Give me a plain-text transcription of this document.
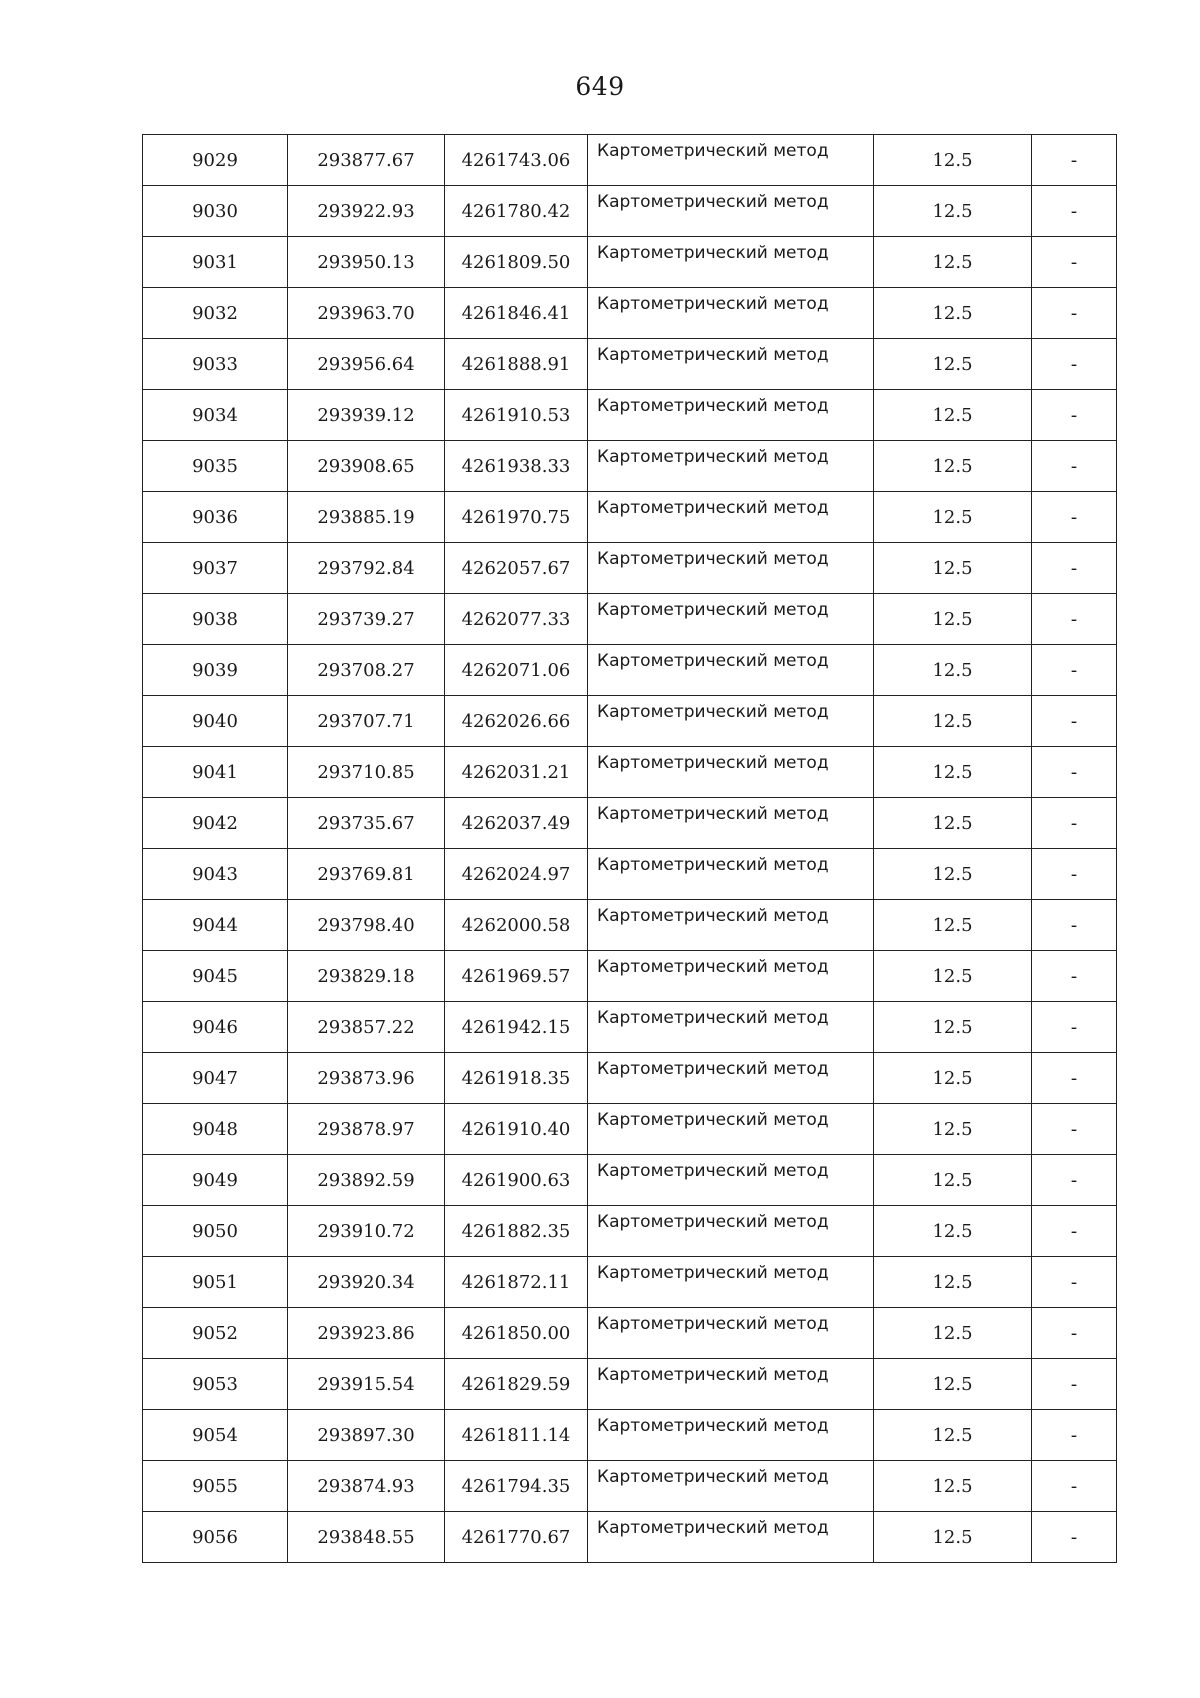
649
9029	293877.67	4261743.06	Картометрический метод	12.5	-
9030	293922.93	4261780.42	Картометрический метод	12.5	-
9031	293950.13	4261809.50	Картометрический метод	12.5	-
9032	293963.70	4261846.41	Картометрический метод	12.5	-
9033	293956.64	4261888.91	Картометрический метод	12.5	-
9034	293939.12	4261910.53	Картометрический метод	12.5	-
9035	293908.65	4261938.33	Картометрический метод	12.5	-
9036	293885.19	4261970.75	Картометрический метод	12.5	-
9037	293792.84	4262057.67	Картометрический метод	12.5	-
9038	293739.27	4262077.33	Картометрический метод	12.5	-
9039	293708.27	4262071.06	Картометрический метод	12.5	-
9040	293707.71	4262026.66	Картометрический метод	12.5	-
9041	293710.85	4262031.21	Картометрический метод	12.5	-
9042	293735.67	4262037.49	Картометрический метод	12.5	-
9043	293769.81	4262024.97	Картометрический метод	12.5	-
9044	293798.40	4262000.58	Картометрический метод	12.5	-
9045	293829.18	4261969.57	Картометрический метод	12.5	-
9046	293857.22	4261942.15	Картометрический метод	12.5	-
9047	293873.96	4261918.35	Картометрический метод	12.5	-
9048	293878.97	4261910.40	Картометрический метод	12.5	-
9049	293892.59	4261900.63	Картометрический метод	12.5	-
9050	293910.72	4261882.35	Картометрический метод	12.5	-
9051	293920.34	4261872.11	Картометрический метод	12.5	-
9052	293923.86	4261850.00	Картометрический метод	12.5	-
9053	293915.54	4261829.59	Картометрический метод	12.5	-
9054	293897.30	4261811.14	Картометрический метод	12.5	-
9055	293874.93	4261794.35	Картометрический метод	12.5	-
9056	293848.55	4261770.67	Картометрический метод	12.5	-
